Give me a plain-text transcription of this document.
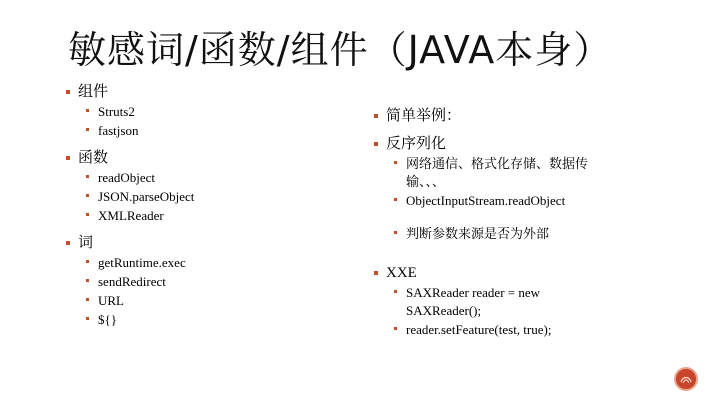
敏感词/函数/组件（JAVA本身）
组件
Struts2
fastjson
函数
readObject
JSON.parseObject
XMLReader
词
getRuntime.exec
sendRedirect
URL
${}
简单举例：
反序列化
网络通信、格式化存储、数据传输、、、
ObjectInputStream.readObject
判断参数来源是否为外部
XXE
SAXReader reader = new SAXReader();
reader.setFeature(test, true);
